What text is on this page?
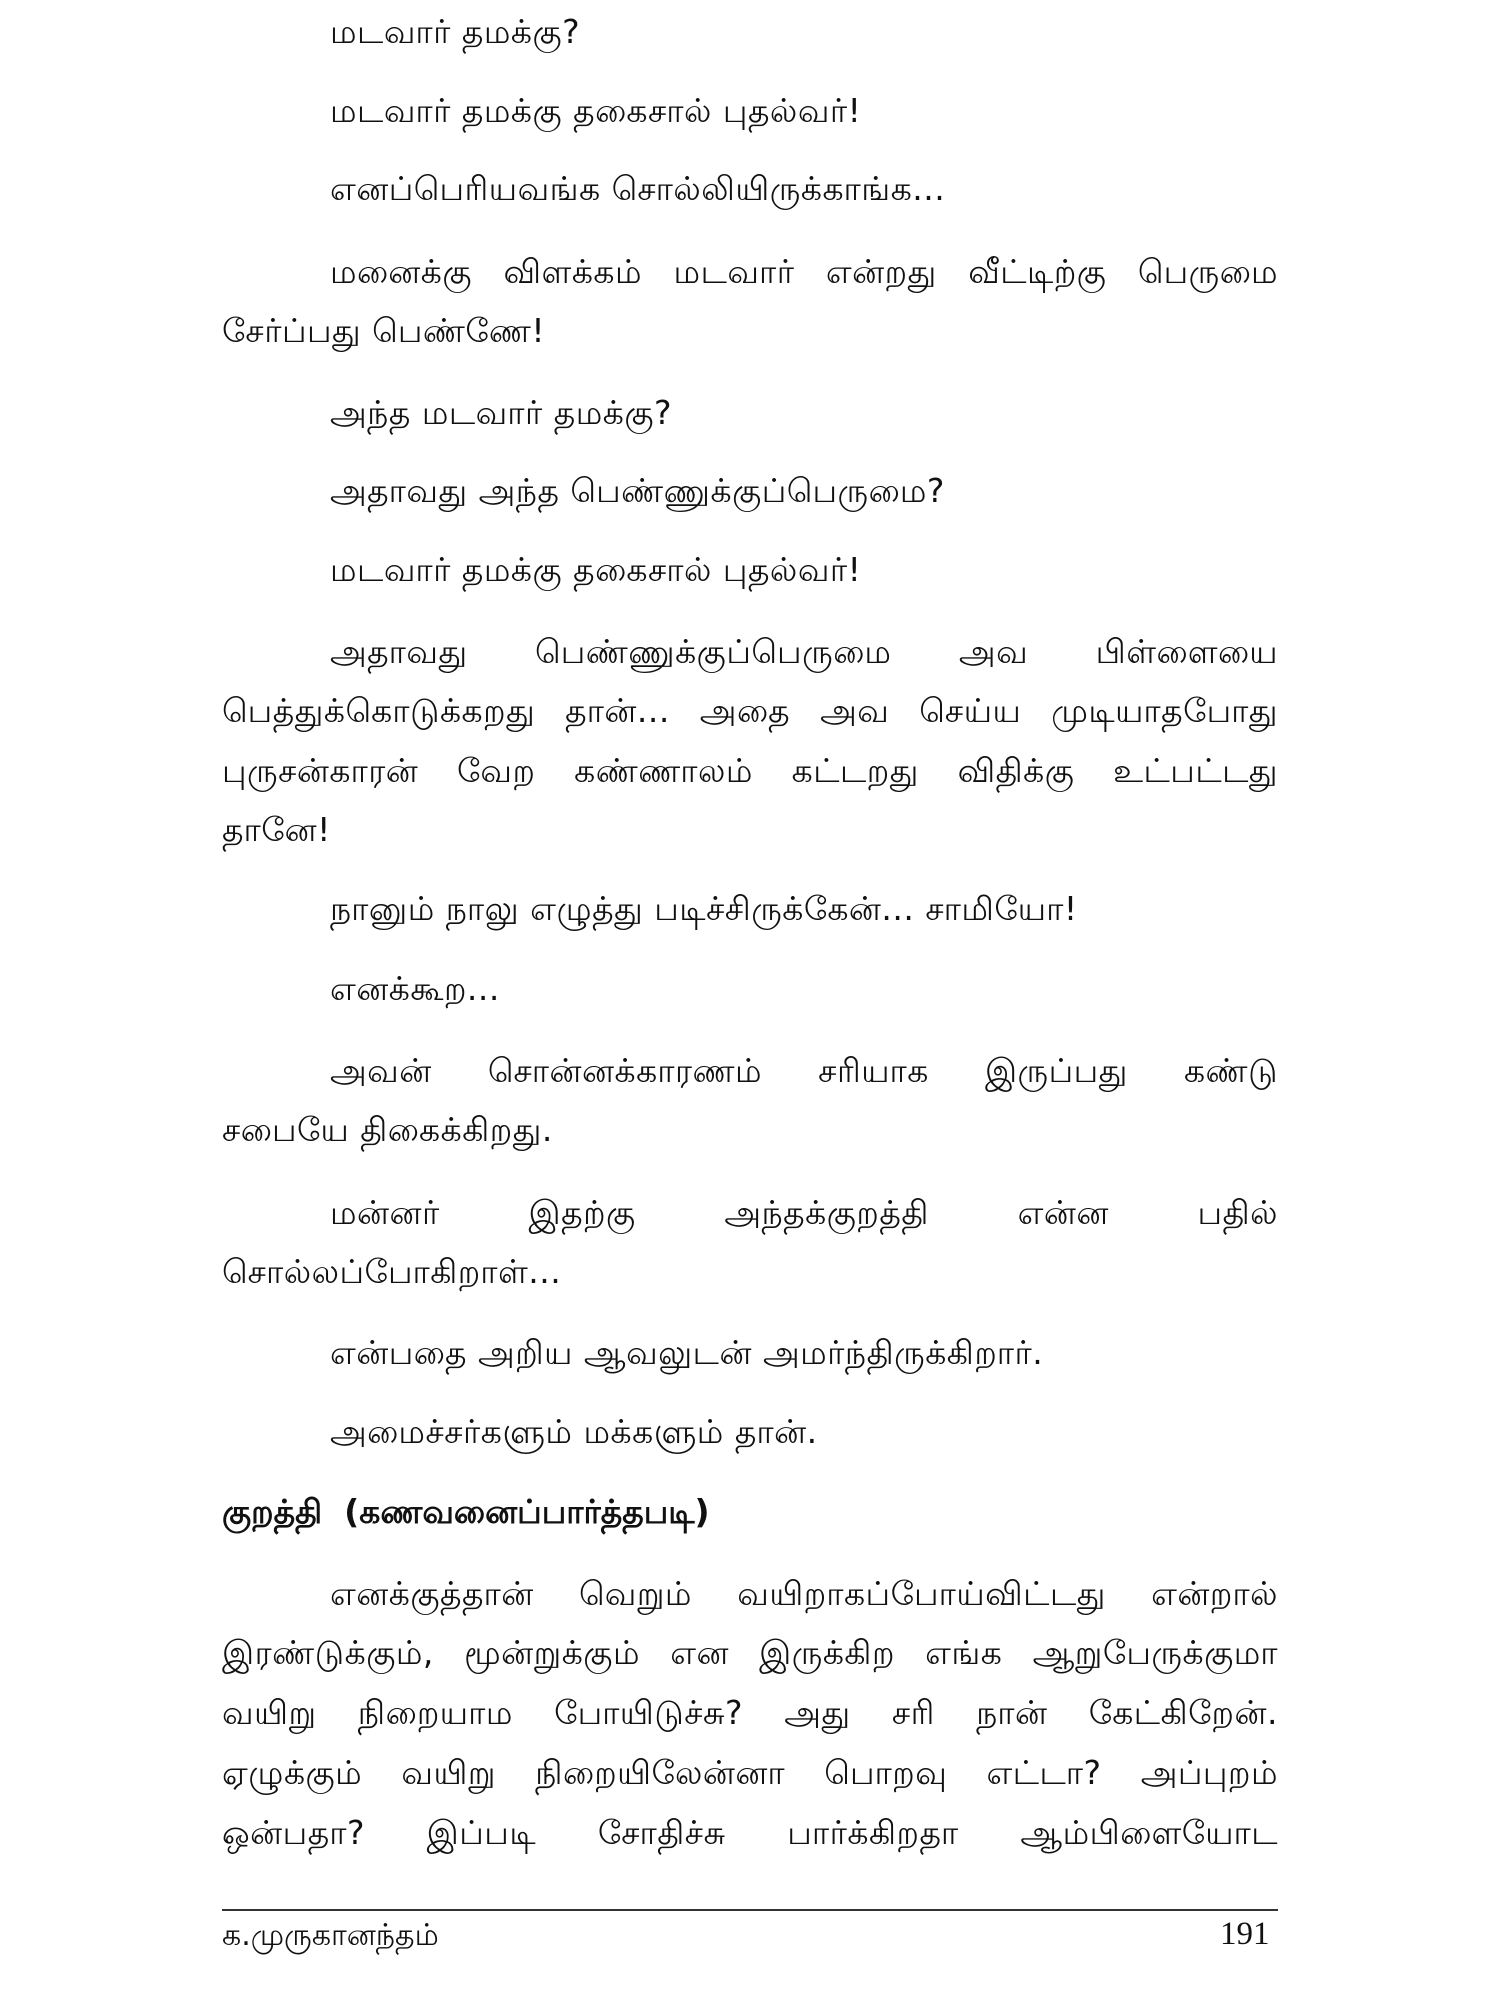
மடவார் தமக்கு?
மடவார் தமக்கு தகைசால் புதல்வர்!
எனப்பெரியவங்க சொல்லியிருக்காங்க...
மனைக்கு விளக்கம் மடவார் என்றது வீட்டிற்கு பெருமை
சேர்ப்பது பெண்ணே!
அந்த மடவார் தமக்கு?
அதாவது அந்த பெண்ணுக்குப்பெருமை?
மடவார் தமக்கு தகைசால் புதல்வர்!
அதாவது பெண்ணுக்குப்பெருமை அவ பிள்ளையை
பெத்துக்கொடுக்கறது தான்... அதை அவ செய்ய முடியாதபோது
புருசன்காரன் வேற கண்ணாலம் கட்டறது விதிக்கு உட்பட்டது
தானே!
நானும் நாலு எழுத்து படிச்சிருக்கேன்... சாமியோ!
எனக்கூற...
அவன் சொன்னக்காரணம் சரியாக இருப்பது கண்டு
சபையே திகைக்கிறது.
மன்னர் இதற்கு அந்தக்குறத்தி என்ன பதில்
சொல்லப்போகிறாள்...
என்பதை அறிய ஆவலுடன் அமர்ந்திருக்கிறார்.
அமைச்சர்களும் மக்களும் தான்.
குறத்தி (கணவனைப்பார்த்தபடி)
எனக்குத்தான் வெறும் வயிறாகப்போய்விட்டது என்றால்
இரண்டுக்கும், மூன்றுக்கும் என இருக்கிற எங்க ஆறுபேருக்குமா
வயிறு நிறையாம போயிடுச்சு? அது சரி நான் கேட்கிறேன்.
ஏழுக்கும் வயிறு நிறையிலேன்னா பொறவு எட்டா? அப்புறம்
ஒன்பதா? இப்படி சோதிச்சு பார்க்கிறதா ஆம்பிளையோட
க.முருகானந்தம்	191
